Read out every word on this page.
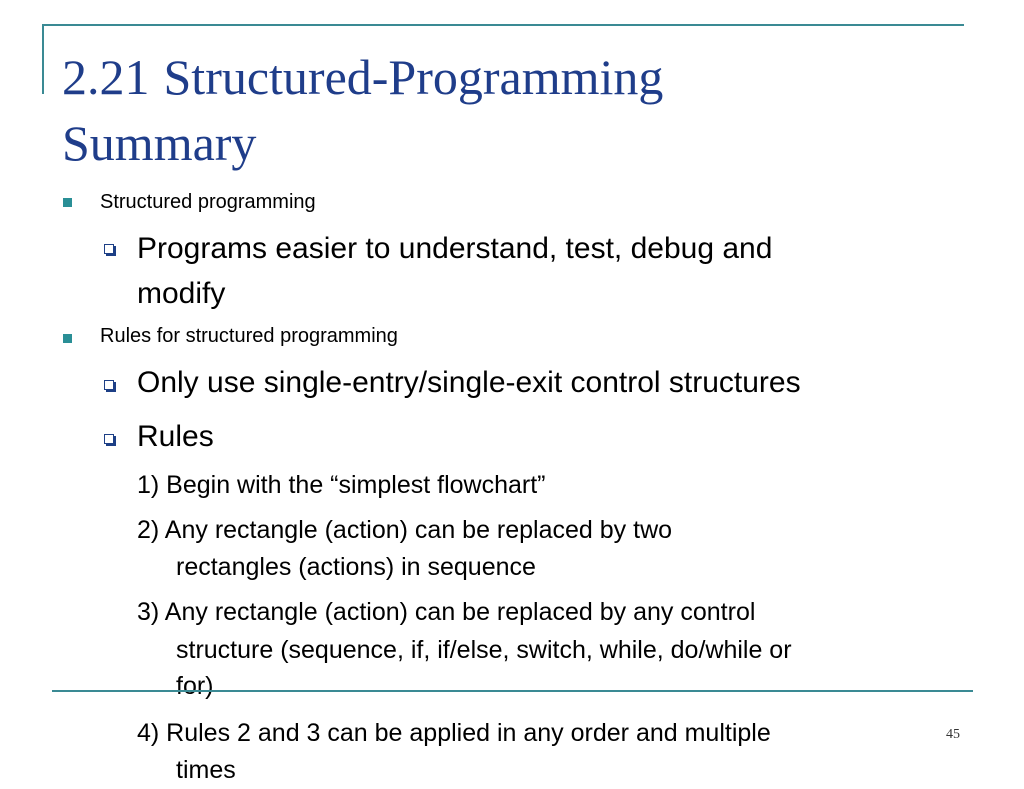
2.21 Structured-Programming
Summary
Structured programming
Programs easier to understand, test, debug and
modify
Rules for structured programming
Only use single-entry/single-exit control structures
Rules
1) Begin with the “simplest flowchart”
2) Any rectangle (action) can be replaced by two
rectangles (actions) in sequence
3) Any rectangle (action) can be replaced by any control
structure (sequence, if, if/else, switch, while, do/while or
for)
4) Rules 2 and 3 can be applied in any order and multiple
times
45
